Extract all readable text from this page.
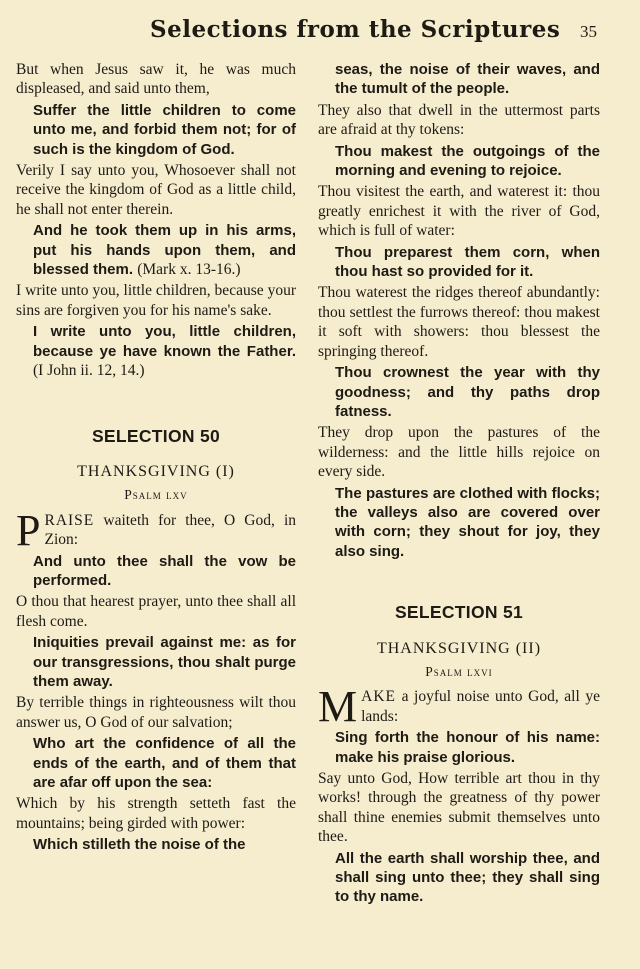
Selections from the Scriptures 35

But when Jesus saw it, he was much displeased, and said unto them,

Suffer the little children to come unto me, and forbid them not; for of such is the kingdom of God.

Verily I say unto you, Whosoever shall not receive the kingdom of God as a little child, he shall not enter therein.

And he took them up in his arms, put his hands upon them, and blessed them. (Mark x. 13-16.)

I write unto you, little children, because your sins are forgiven you for his name's sake.

I write unto you, little children, because ye have known the Father. (I John ii. 12, 14.)

SELECTION 50
THANKSGIVING (I)
Psalm lxv

PRAISE waiteth for thee, O God, in Zion:

And unto thee shall the vow be performed.

O thou that hearest prayer, unto thee shall all flesh come.

Iniquities prevail against me: as for our transgressions, thou shalt purge them away.

By terrible things in righteousness wilt thou answer us, O God of our salvation;

Who art the confidence of all the ends of the earth, and of them that are afar off upon the sea:

Which by his strength setteth fast the mountains; being girded with power:

Which stilleth the noise of the

seas, the noise of their waves, and the tumult of the people.

They also that dwell in the uttermost parts are afraid at thy tokens:

Thou makest the outgoings of the morning and evening to rejoice.

Thou visitest the earth, and waterest it: thou greatly enrichest it with the river of God, which is full of water:

Thou preparest them corn, when thou hast so provided for it.

Thou waterest the ridges thereof abundantly: thou settlest the furrows thereof: thou makest it soft with showers: thou blessest the springing thereof.

Thou crownest the year with thy goodness; and thy paths drop fatness.

They drop upon the pastures of the wilderness: and the little hills rejoice on every side.

The pastures are clothed with flocks; the valleys also are covered over with corn; they shout for joy, they also sing.

SELECTION 51
THANKSGIVING (II)
Psalm lxvi

MAKE a joyful noise unto God, all ye lands:

Sing forth the honour of his name: make his praise glorious.

Say unto God, How terrible art thou in thy works! through the greatness of thy power shall thine enemies submit themselves unto thee.

All the earth shall worship thee, and shall sing unto thee; they shall sing to thy name.
